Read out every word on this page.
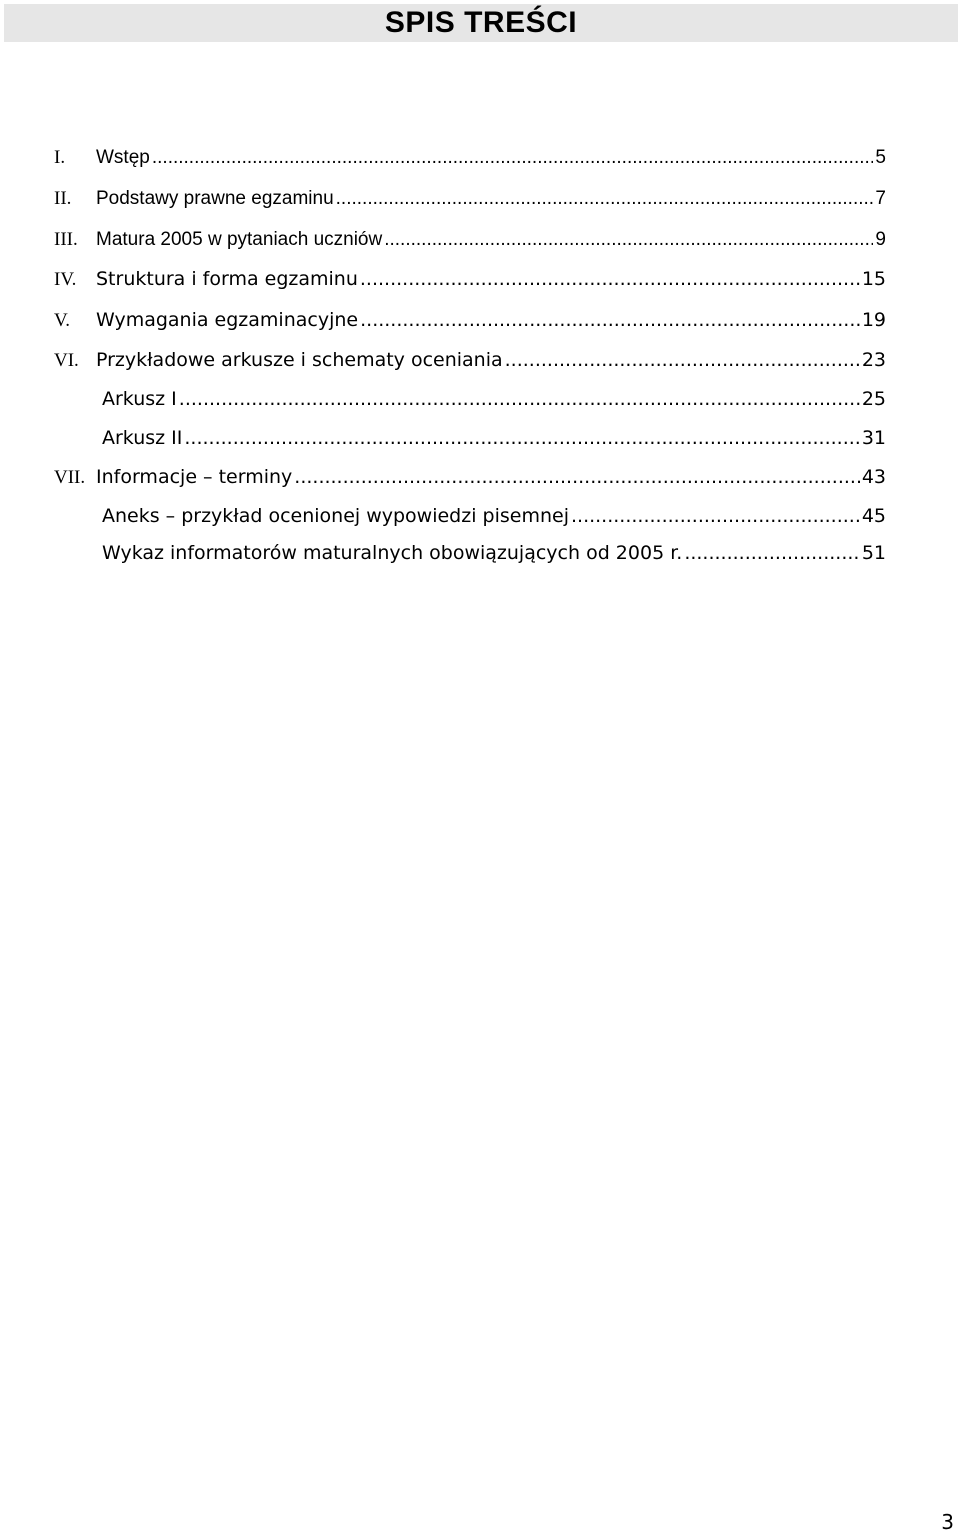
SPIS TREŚCI
I.	Wstęp .....	5
II.	Podstawy prawne egzaminu .....	7
III. Matura 2005 w pytaniach uczniów .....	9
IV.	Struktura i forma egzaminu .....	15
V.	Wymagania egzaminacyjne .....	19
VI. Przykładowe arkusze i schematy oceniania .....	23
Arkusz I .....	25
Arkusz II .....	31
VII. Informacje – terminy .....	43
Aneks – przykład ocenionej wypowiedzi pisemnej .....	45
Wykaz informatorów maturalnych obowiązujących od 2005 r. .....	51
3
